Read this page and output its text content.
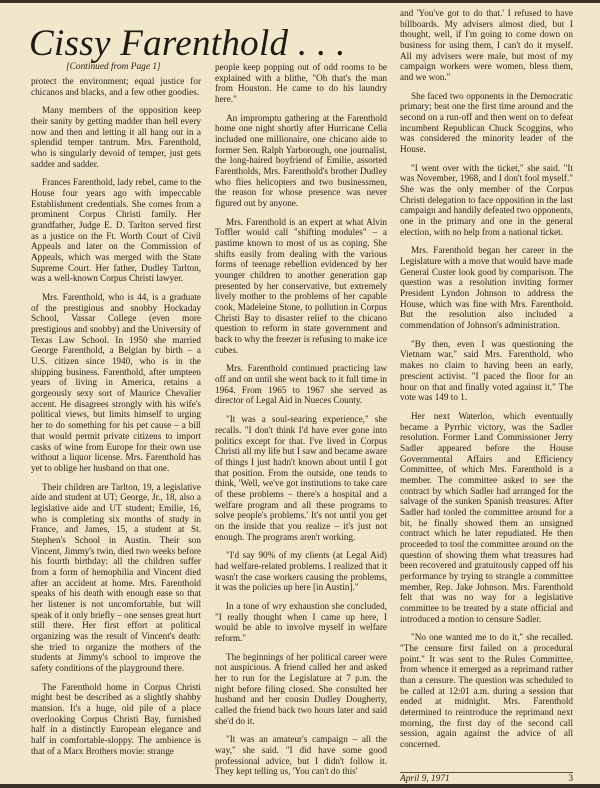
Cissy Farenthold . . .
[Continued from Page 1]

protect the environment; equal justice for chicanos and blacks, and a few other goodies.

Many members of the opposition keep their sanity by getting madder than hell every now and then and letting it all hang out in a splendid temper tantrum. Mrs. Farenthold, who is singularly devoid of temper, just gets sadder and sadder.

Frances Farenthold, lady rebel, came to the House four years ago with impeccable Establishment credentials. She comes from a prominent Corpus Christi family. Her grandfather, Judge E. D. Tarlton served first as a justice on the Ft. Worth Court of Civil Appeals and later on the Commission of Appeals, which was merged with the State Supreme Court. Her father, Dudley Tarlton, was a well-known Corpus Christi lawyer.

Mrs. Farenthold, who is 44, is a graduate of the prestigious and snobby Hockaday School, Vassar College (even more prestigious and snobby) and the University of Texas Law School. In 1950 she married George Farenthold, a Belgian by birth – a U.S. citizen since 1940, who is in the shipping business. Farenthold, after umpteen years of living in America, retains a gorgeously sexy sort of Maurice Chevalier accent. He disagrees strongly with his wife's political views, but limits himself to urging her to do something for his pet cause – a bill that would permit private citizens to import casks of wine from Europe for their own use without a liquor license. Mrs. Farenthold has yet to oblige her husband on that one.

Their children are Tarlton, 19, a legislative aide and student at UT; George, Jr., 18, also a legislative aide and UT student; Emilie, 16, who is completing six months of study in France, and James, 15, a student at St. Stephen's School in Austin. Their son Vincent, Jimmy's twin, died two weeks before his fourth birthday: all the children suffer from a form of hemophilia and Vincent died after an accident at home. Mrs. Farenthold speaks of his death with enough ease so that her listener is not uncomfortable, but will speak of it only briefly – one senses great hurt still there. Her first effort at political organizing was the result of Vincent's death: she tried to organize the mothers of the students at Jimmy's school to improve the safety conditions of the playground there.

The Farenthold home in Corpus Christi might best be described as a slightly shabby mansion. It's a huge, old pile of a place overlooking Corpus Christi Bay, furnished half in a distinctly European elegance and half in comfortable-sloppy. The ambience is that of a Marx Brothers movie: strange

people keep popping out of odd rooms to be explained with a blithe, "Oh that's the man from Houston. He came to do his laundry here."

An impromptu gathering at the Farenthold home one night shortly after Hurricane Celia included one millionaire, one chicano aide to former Sen. Ralph Yarborough, one journalist, the long-haired boyfriend of Emilie, assorted Farentholds, Mrs. Farenthold's brother Dudley who flies helicopters and two businessmen, the reason for whose presence was never figured out by anyone.

Mrs. Farenthold is an expert at what Alvin Toffler would call "shifting modules" – a pastime known to most of us as coping. She shifts easily from dealing with the various forms of teenage rebellion evidenced by her younger children to another generation gap presented by her conservative, but extremely lively mother to the problems of her capable cook, Madeleine Stone, to pollution in Corpus Christi Bay to disaster relief to the chicano question to reform in state government and back to why the freezer is refusing to make ice cubes.

Mrs. Farenthold continued practicing law off and on until she went back to it full time in 1964. From 1965 to 1967 she served as director of Legal Aid in Nueces County.

"It was a soul-searing experience," she recalls. "I don't think I'd have ever gone into politics except for that. I've lived in Corpus Christi all my life but I saw and became aware of things I just hadn't known about until I got that position. From the outside, one tends to think, 'Well, we've got institutions to take care of these problems – there's a hospital and a welfare program and all these programs to solve people's problems.' It's not until you get on the inside that you realize – it's just not enough. The programs aren't working.

"I'd say 90% of my clients (at Legal Aid) had welfare-related problems. I realized that it wasn't the case workers causing the problems, it was the policies up here [in Austin]."

In a tone of wry exhaustion she concluded, "I really thought when I came up here, I would be able to involve myself in welfare reform."

The beginnings of her political career were not auspicious. A friend called her and asked her to run for the Legislature at 7 p.m. the night before filing closed. She consulted her husband and her cousin Dudley Dougherty, called the friend back two hours later and said she'd do it.

"It was an amateur's campaign – all the way," she said. "I did have some good professional advice, but I didn't follow it. They kept telling us, 'You can't do this'

and 'You've got to do that.' I refused to have billboards. My advisers almost died, but I thought, well, if I'm going to come down on business for using them, I can't do it myself. All my advisers were male, but most of my campaign workers were women, bless them, and we won."

She faced two opponents in the Democratic primary; beat one the first time around and the second on a run-off and then went on to defeat incumbent Republican Chuck Scoggins, who was considered the minority leader of the House.

"I went over with the ticket," she said. "It was November, 1968, and I don't fool myself." She was the only member of the Corpus Christi delegation to face opposition in the last campaign and handily defeated two opponents, one in the primary and one in the general election, with no help from a national ticket.

Mrs. Farenthold began her career in the Legislature with a move that would have made General Custer look good by comparison. The question was a resolution inviting former President Lyndon Johnson to address the House, which was fine with Mrs. Farenthold. But the resolution also included a commendation of Johnson's administration.

"By then, even I was questioning the Vietnam war," said Mrs. Farenthold, who makes no claim to having been an early, prescient activist. "I paced the floor for an hour on that and finally voted against it." The vote was 149 to 1.

Her next Waterloo, which eventually became a Pyrrhic victory, was the Sadler resolution. Former Land Commissioner Jerry Sadler appeared before the House Governmental Affairs and Efficiency Committee, of which Mrs. Farenthold is a member. The committee asked to see the contract by which Sadler had arranged for the salvage of the sunken Spanish treasures. After Sadler had tooled the committee around for a bit, he finally showed them an unsigned contract which he later repudiated. He then proceeded to tool the committee around on the question of showing them what treasures had been recovered and gratuitously capped off his performance by trying to strangle a committee member, Rep. Jake Johnson. Mrs. Farenthold felt that was no way for a legislative committee to be treated by a state official and introduced a motion to censure Sadler.

"No one wanted me to do it," she recalled. "The censure first failed on a procedural point." It was sent to the Rules Committee, from whence it emerged as a reprimand rather than a censure. The question was scheduled to be called at 12:01 a.m. during a session that ended at midnight. Mrs. Farenthold determined to reintroduce the reprimand next morning, the first day of the second call session, again against the advice of all concerned.

April 9, 1971	3
